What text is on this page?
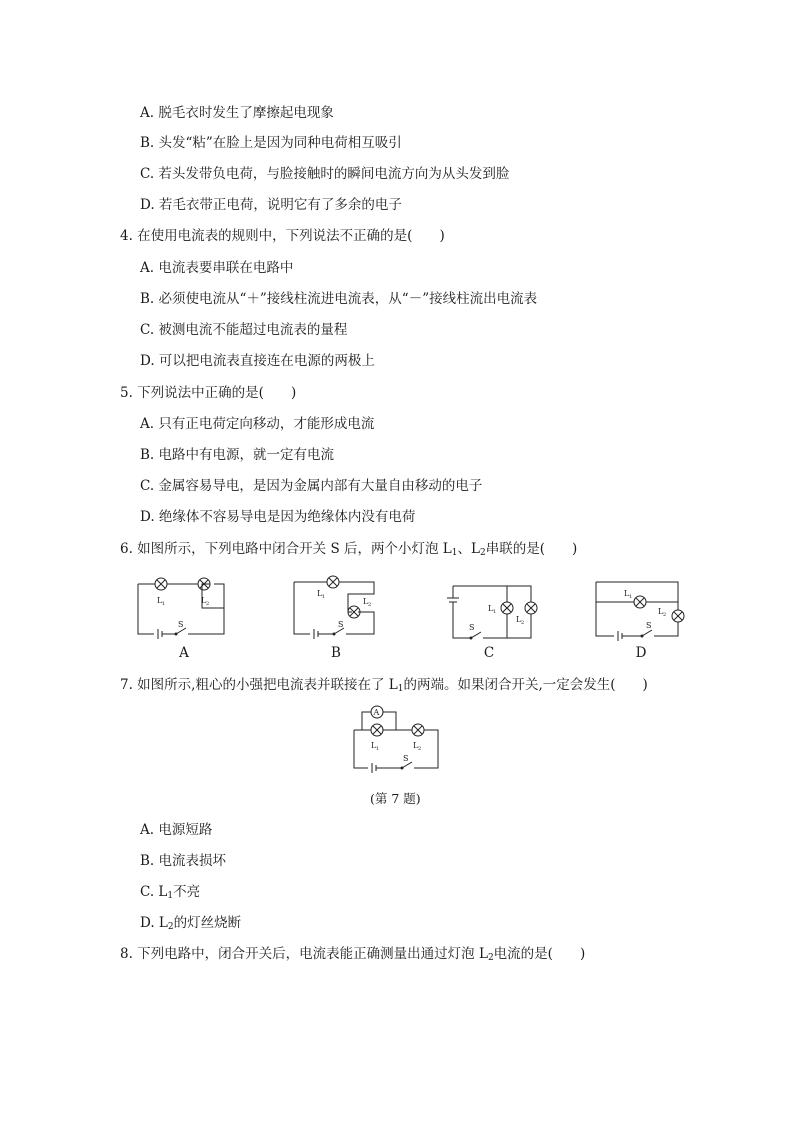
A. 脱毛衣时发生了摩擦起电现象
B. 头发“粘”在脸上是因为同种电荷相互吸引
C. 若头发带负电荷，与脸接触时的瞬间电流方向为从头发到脸
D. 若毛衣带正电荷，说明它有了多余的电子
4. 在使用电流表的规则中，下列说法不正确的是(　　)
A. 电流表要串联在电路中
B. 必须使电流从“＋”接线柱流进电流表，从“－”接线柱流出电流表
C. 被测电流不能超过电流表的量程
D. 可以把电流表直接连在电源的两极上
5. 下列说法中正确的是(　　)
A. 只有正电荷定向移动，才能形成电流
B. 电路中有电源，就一定有电流
C. 金属容易导电，是因为金属内部有大量自由移动的电子
D. 绝缘体不容易导电是因为绝缘体内没有电荷
6. 如图所示，下列电路中闭合开关 S 后，两个小灯泡 $L_1$、$L_2$串联的是(　　)
L 1	L 2
S
A
L 1	L 2
S
B
L 1
L 2
S
C
L 1
L 2
S
D
7. 如图所示,粗心的小强把电流表并联接在了 $L_1$的两端。如果闭合开关,一定会发生(　　)
A
L 1	L 2
S
(第 7 题)
A. 电源短路
B. 电流表损坏
C. $L_1$不亮
D. $L_2$的灯丝烧断
8. 下列电路中，闭合开关后，电流表能正确测量出通过灯泡 $L_2$电流的是(　　)
